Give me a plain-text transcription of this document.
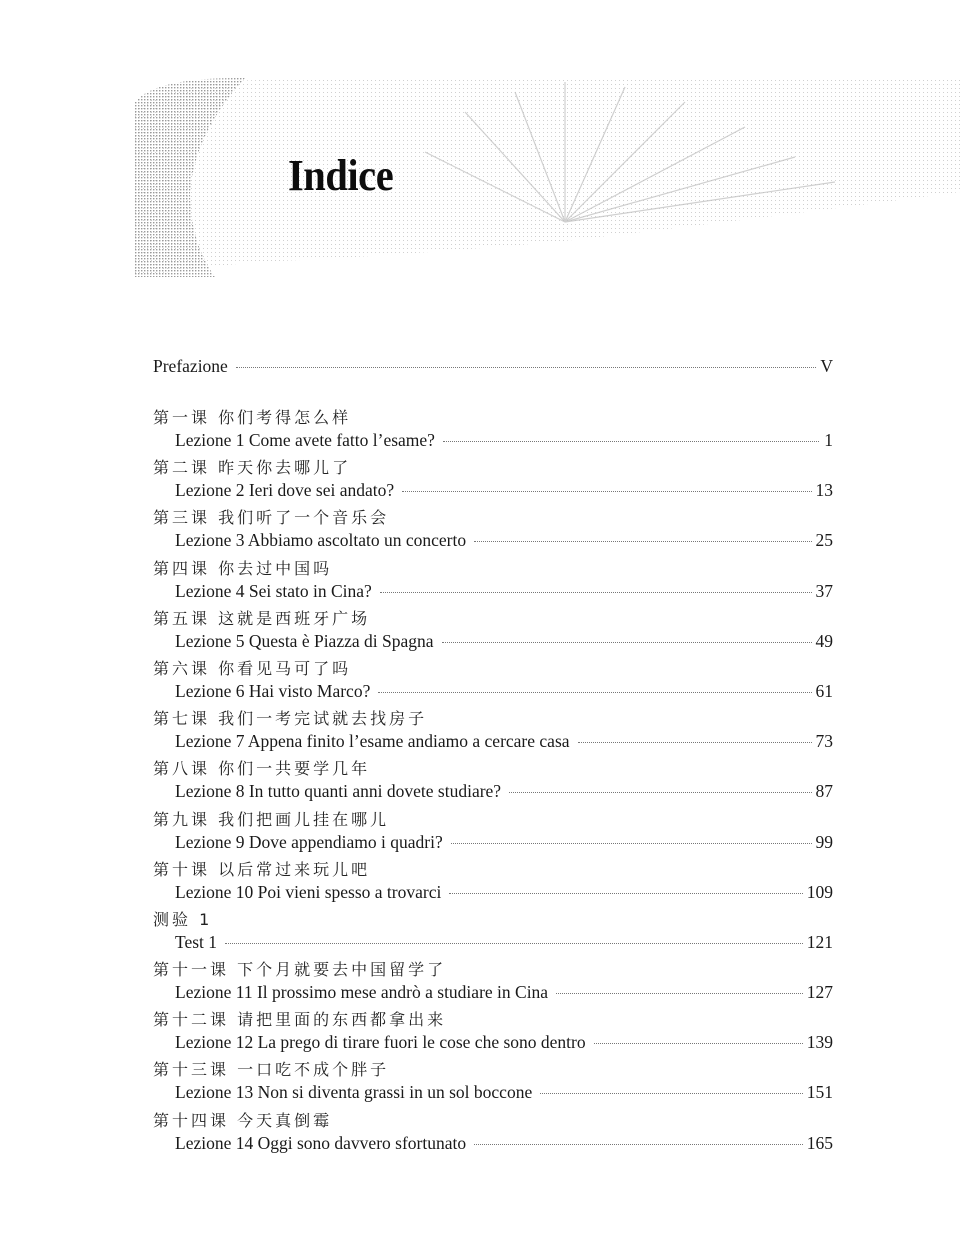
Indice
Prefazione	V
第一课 你们考得怎么样
Lezione 1 Come avete fatto l’esame?	1
第二课 昨天你去哪儿了
Lezione 2 Ieri dove sei andato?	13
第三课 我们听了一个音乐会
Lezione 3 Abbiamo ascoltato un concerto	25
第四课 你去过中国吗
Lezione 4 Sei stato in Cina?	37
第五课 这就是西班牙广场
Lezione 5 Questa è Piazza di Spagna	49
第六课 你看见马可了吗
Lezione 6 Hai visto Marco?	61
第七课 我们一考完试就去找房子
Lezione 7 Appena finito l’esame andiamo a cercare casa	73
第八课 你们一共要学几年
Lezione 8 In tutto quanti anni dovete studiare?	87
第九课 我们把画儿挂在哪儿
Lezione 9 Dove appendiamo i quadri?	99
第十课 以后常过来玩儿吧
Lezione 10 Poi vieni spesso a trovarci	109
测验 1
Test 1	121
第十一课 下个月就要去中国留学了
Lezione 11 Il prossimo mese andrò a studiare in Cina	127
第十二课 请把里面的东西都拿出来
Lezione 12 La prego di tirare fuori le cose che sono dentro	139
第十三课 一口吃不成个胖子
Lezione 13 Non si diventa grassi in un sol boccone	151
第十四课 今天真倒霉
Lezione 14 Oggi sono davvero sfortunato	165
